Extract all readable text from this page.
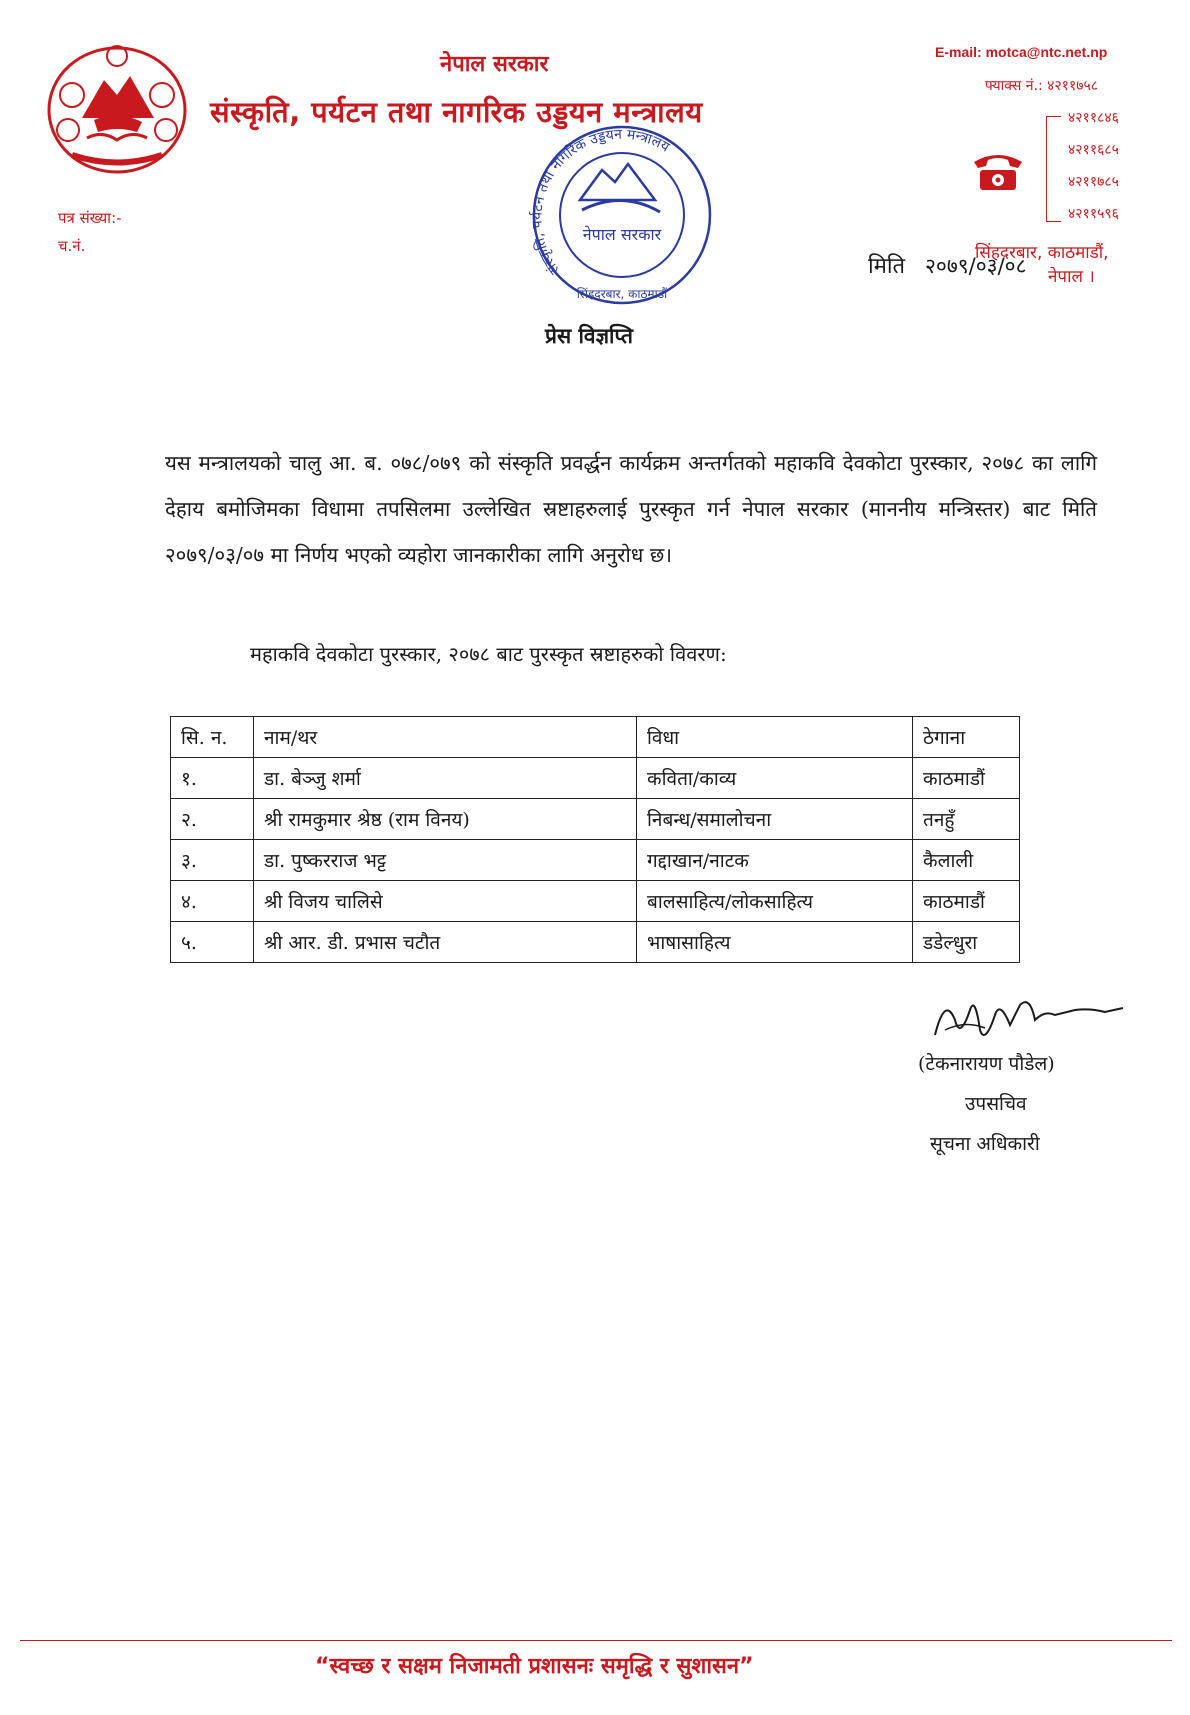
नेपाल सरकार
संस्कृति, पर्यटन तथा नागरिक उड्डयन मन्त्रालय
E-mail: motca@ntc.net.np
फ्याक्स नं.: ४२११७५८
४२११८४६
४२११६८५
४२११७८५
४२११५९६
सिंहदरबार, काठमाडौं,
नेपाल ।
पत्र संख्या:-
च.नं.
नेपाल सरकार
संस्कृति, पर्यटन तथा नागरिक उड्डयन मन्त्रालय
सिंहदरबार, काठमाडौं
मिति २०७९/०३/०८
प्रेस विज्ञप्ति
यस मन्त्रालयको चालु आ. ब. ०७८/०७९ को संस्कृति प्रवर्द्धन कार्यक्रम अन्तर्गतको महाकवि देवकोटा पुरस्कार, २०७८ का लागि देहाय बमोजिमका विधामा तपसिलमा उल्लेखित स्रष्टाहरुलाई पुरस्कृत गर्न नेपाल सरकार (माननीय मन्त्रिस्तर) बाट मिति २०७९/०३/०७ मा निर्णय भएको व्यहोरा जानकारीका लागि अनुरोध छ।
महाकवि देवकोटा पुरस्कार, २०७८ बाट पुरस्कृत स्रष्टाहरुको विवरण:
सि. न.	नाम/थर	विधा	ठेगाना
१.	डा. बेञ्जु शर्मा	कविता/काव्य	काठमाडौं
२.	श्री रामकुमार श्रेष्ठ (राम विनय)	निबन्ध/समालोचना	तनहुँ
३.	डा. पुष्करराज भट्ट	गद्दाखान/नाटक	कैलाली
४.	श्री विजय चालिसे	बालसाहित्य/लोकसाहित्य	काठमाडौं
५.	श्री आर. डी. प्रभास चटौत	भाषासाहित्य	डडेल्धुरा
(टेकनारायण पौडेल)
उपसचिव
सूचना अधिकारी
“स्वच्छ र सक्षम निजामती प्रशासनः समृद्धि र सुशासन”
